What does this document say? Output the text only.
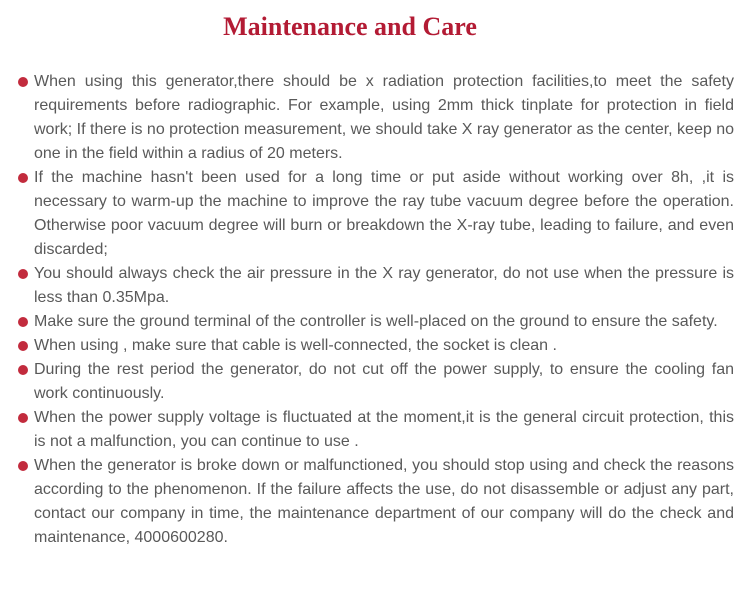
Maintenance and Care
When using this generator,there should be x radiation protection facilities,to meet the safety requirements before radiographic. For example, using 2mm thick tinplate for protection in field work; If there is no protection measurement, we should take X ray generator as the center, keep no one in the field within a radius of 20 meters.
If the machine hasn't been used for a long time or put aside without working over 8h, ,it is necessary to warm-up the machine to improve the ray tube vacuum degree before the operation. Otherwise poor vacuum degree will burn or breakdown the X-ray tube, leading to failure, and even discarded;
You should always check the air pressure in the X ray generator, do not use when the pressure is less than 0.35Mpa.
Make sure the ground terminal of the controller is well-placed on the ground to ensure the safety.
When using , make sure that cable is well-connected, the socket is clean .
During the rest period the generator, do not cut off the power supply, to ensure the cooling fan work continuously.
When the power supply voltage is fluctuated at the moment,it is the general circuit protection, this is not a malfunction, you can continue to use .
When the generator is broke down or malfunctioned, you should stop using and check the reasons according to the phenomenon. If the failure affects the use, do not disassemble or adjust any part, contact our company in time, the maintenance department of our company will do the check and maintenance, 4000600280.
